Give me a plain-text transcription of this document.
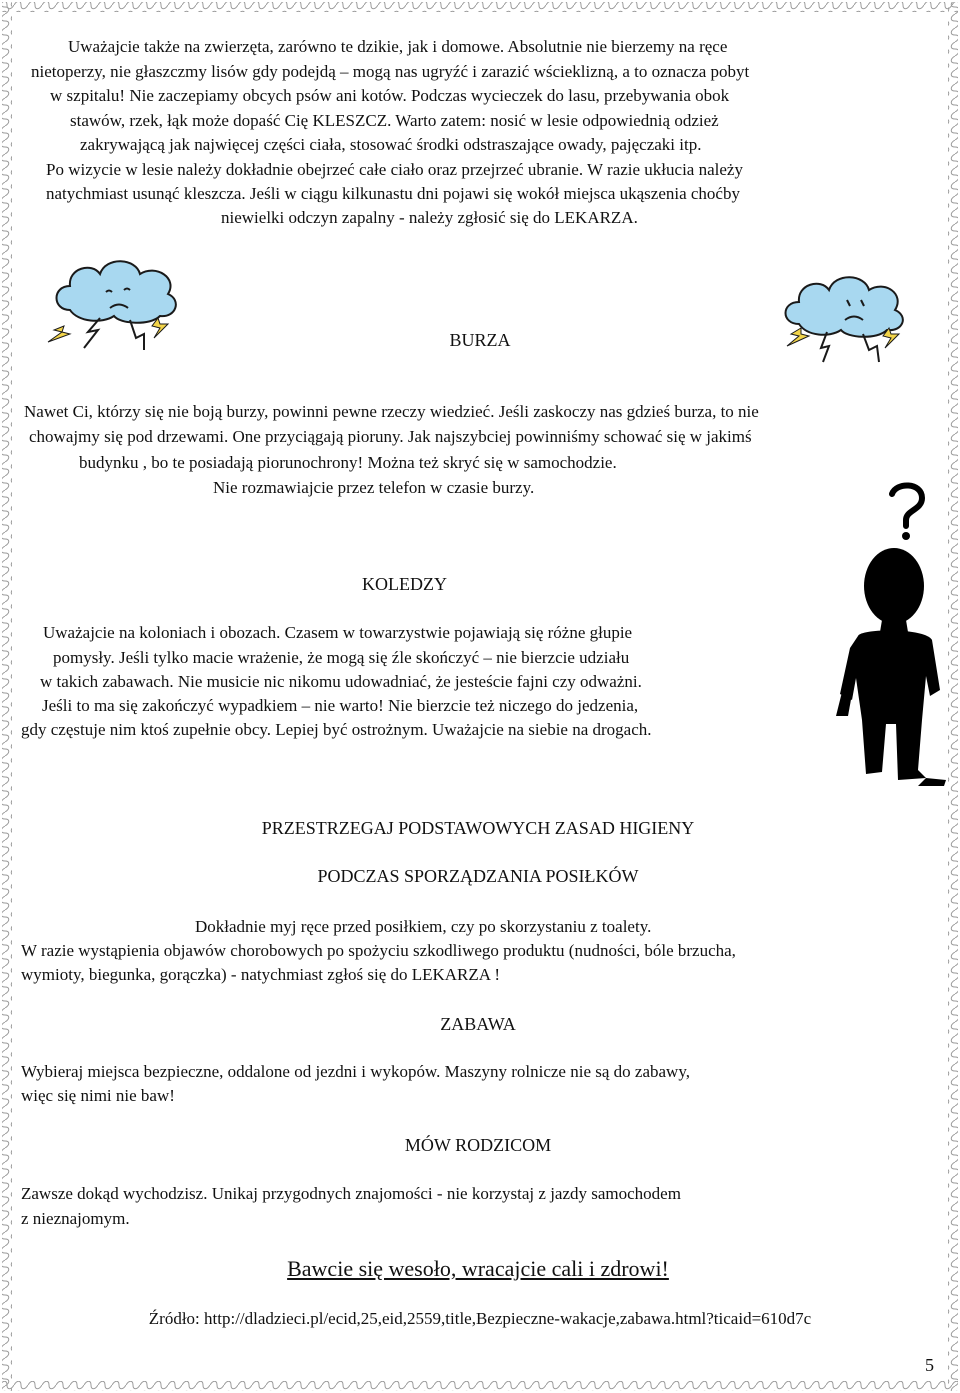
Uważajcie także na zwierzęta, zarówno te dzikie, jak i domowe. Absolutnie nie bierzemy na ręce
nietoperzy, nie głaszczmy lisów gdy podejdą – mogą nas ugryźć i zarazić wścieklizną, a to oznacza pobyt
w szpitalu! Nie zaczepiamy obcych psów ani kotów. Podczas wycieczek do lasu, przebywania obok
stawów, rzek, łąk może dopaść Cię KLESZCZ. Warto zatem: nosić w lesie odpowiednią odzież
zakrywającą jak najwięcej części ciała, stosować środki odstraszające owady, pajęczaki itp.
Po wizycie w lesie należy dokładnie obejrzeć całe ciało oraz przejrzeć ubranie. W razie ukłucia należy
natychmiast usunąć kleszcza. Jeśli w ciągu kilkunastu dni pojawi się wokół miejsca ukąszenia choćby
niewielki odczyn zapalny - należy zgłosić się do LEKARZA.
BURZA
Nawet Ci, którzy się nie boją burzy, powinni pewne rzeczy wiedzieć. Jeśli zaskoczy nas gdzieś burza, to nie
chowajmy się pod drzewami. One przyciągają pioruny. Jak najszybciej powinniśmy schować się w jakimś
budynku , bo te posiadają piorunochrony! Można też skryć się w samochodzie.
Nie rozmawiajcie przez telefon w czasie burzy.
KOLEDZY
Uważajcie na koloniach i obozach. Czasem w towarzystwie pojawiają się różne głupie
pomysły. Jeśli tylko macie wrażenie, że mogą się źle skończyć – nie bierzcie udziału
w takich zabawach. Nie musicie nic nikomu udowadniać, że jesteście fajni czy odważni.
Jeśli to ma się zakończyć wypadkiem – nie warto! Nie bierzcie też niczego do jedzenia,
gdy częstuje nim ktoś zupełnie obcy. Lepiej być ostrożnym. Uważajcie na siebie na drogach.
PRZESTRZEGAJ PODSTAWOWYCH ZASAD HIGIENY
PODCZAS SPORZĄDZANIA POSIŁKÓW
Dokładnie myj ręce przed posiłkiem, czy po skorzystaniu z toalety.
W razie wystąpienia objawów chorobowych po spożyciu szkodliwego produktu (nudności, bóle brzucha,
wymioty, biegunka, gorączka) - natychmiast zgłoś się do LEKARZA !
ZABAWA
Wybieraj miejsca bezpieczne, oddalone od jezdni i wykopów. Maszyny rolnicze nie są do zabawy,
więc się nimi nie baw!
MÓW RODZICOM
Zawsze dokąd wychodzisz. Unikaj przygodnych znajomości - nie korzystaj z jazdy samochodem
z nieznajomym.
Bawcie się wesoło, wracajcie cali i zdrowi!
Źródło: http://dladzieci.pl/ecid,25,eid,2559,title,Bezpieczne-wakacje,zabawa.html?ticaid=610d7c
5
